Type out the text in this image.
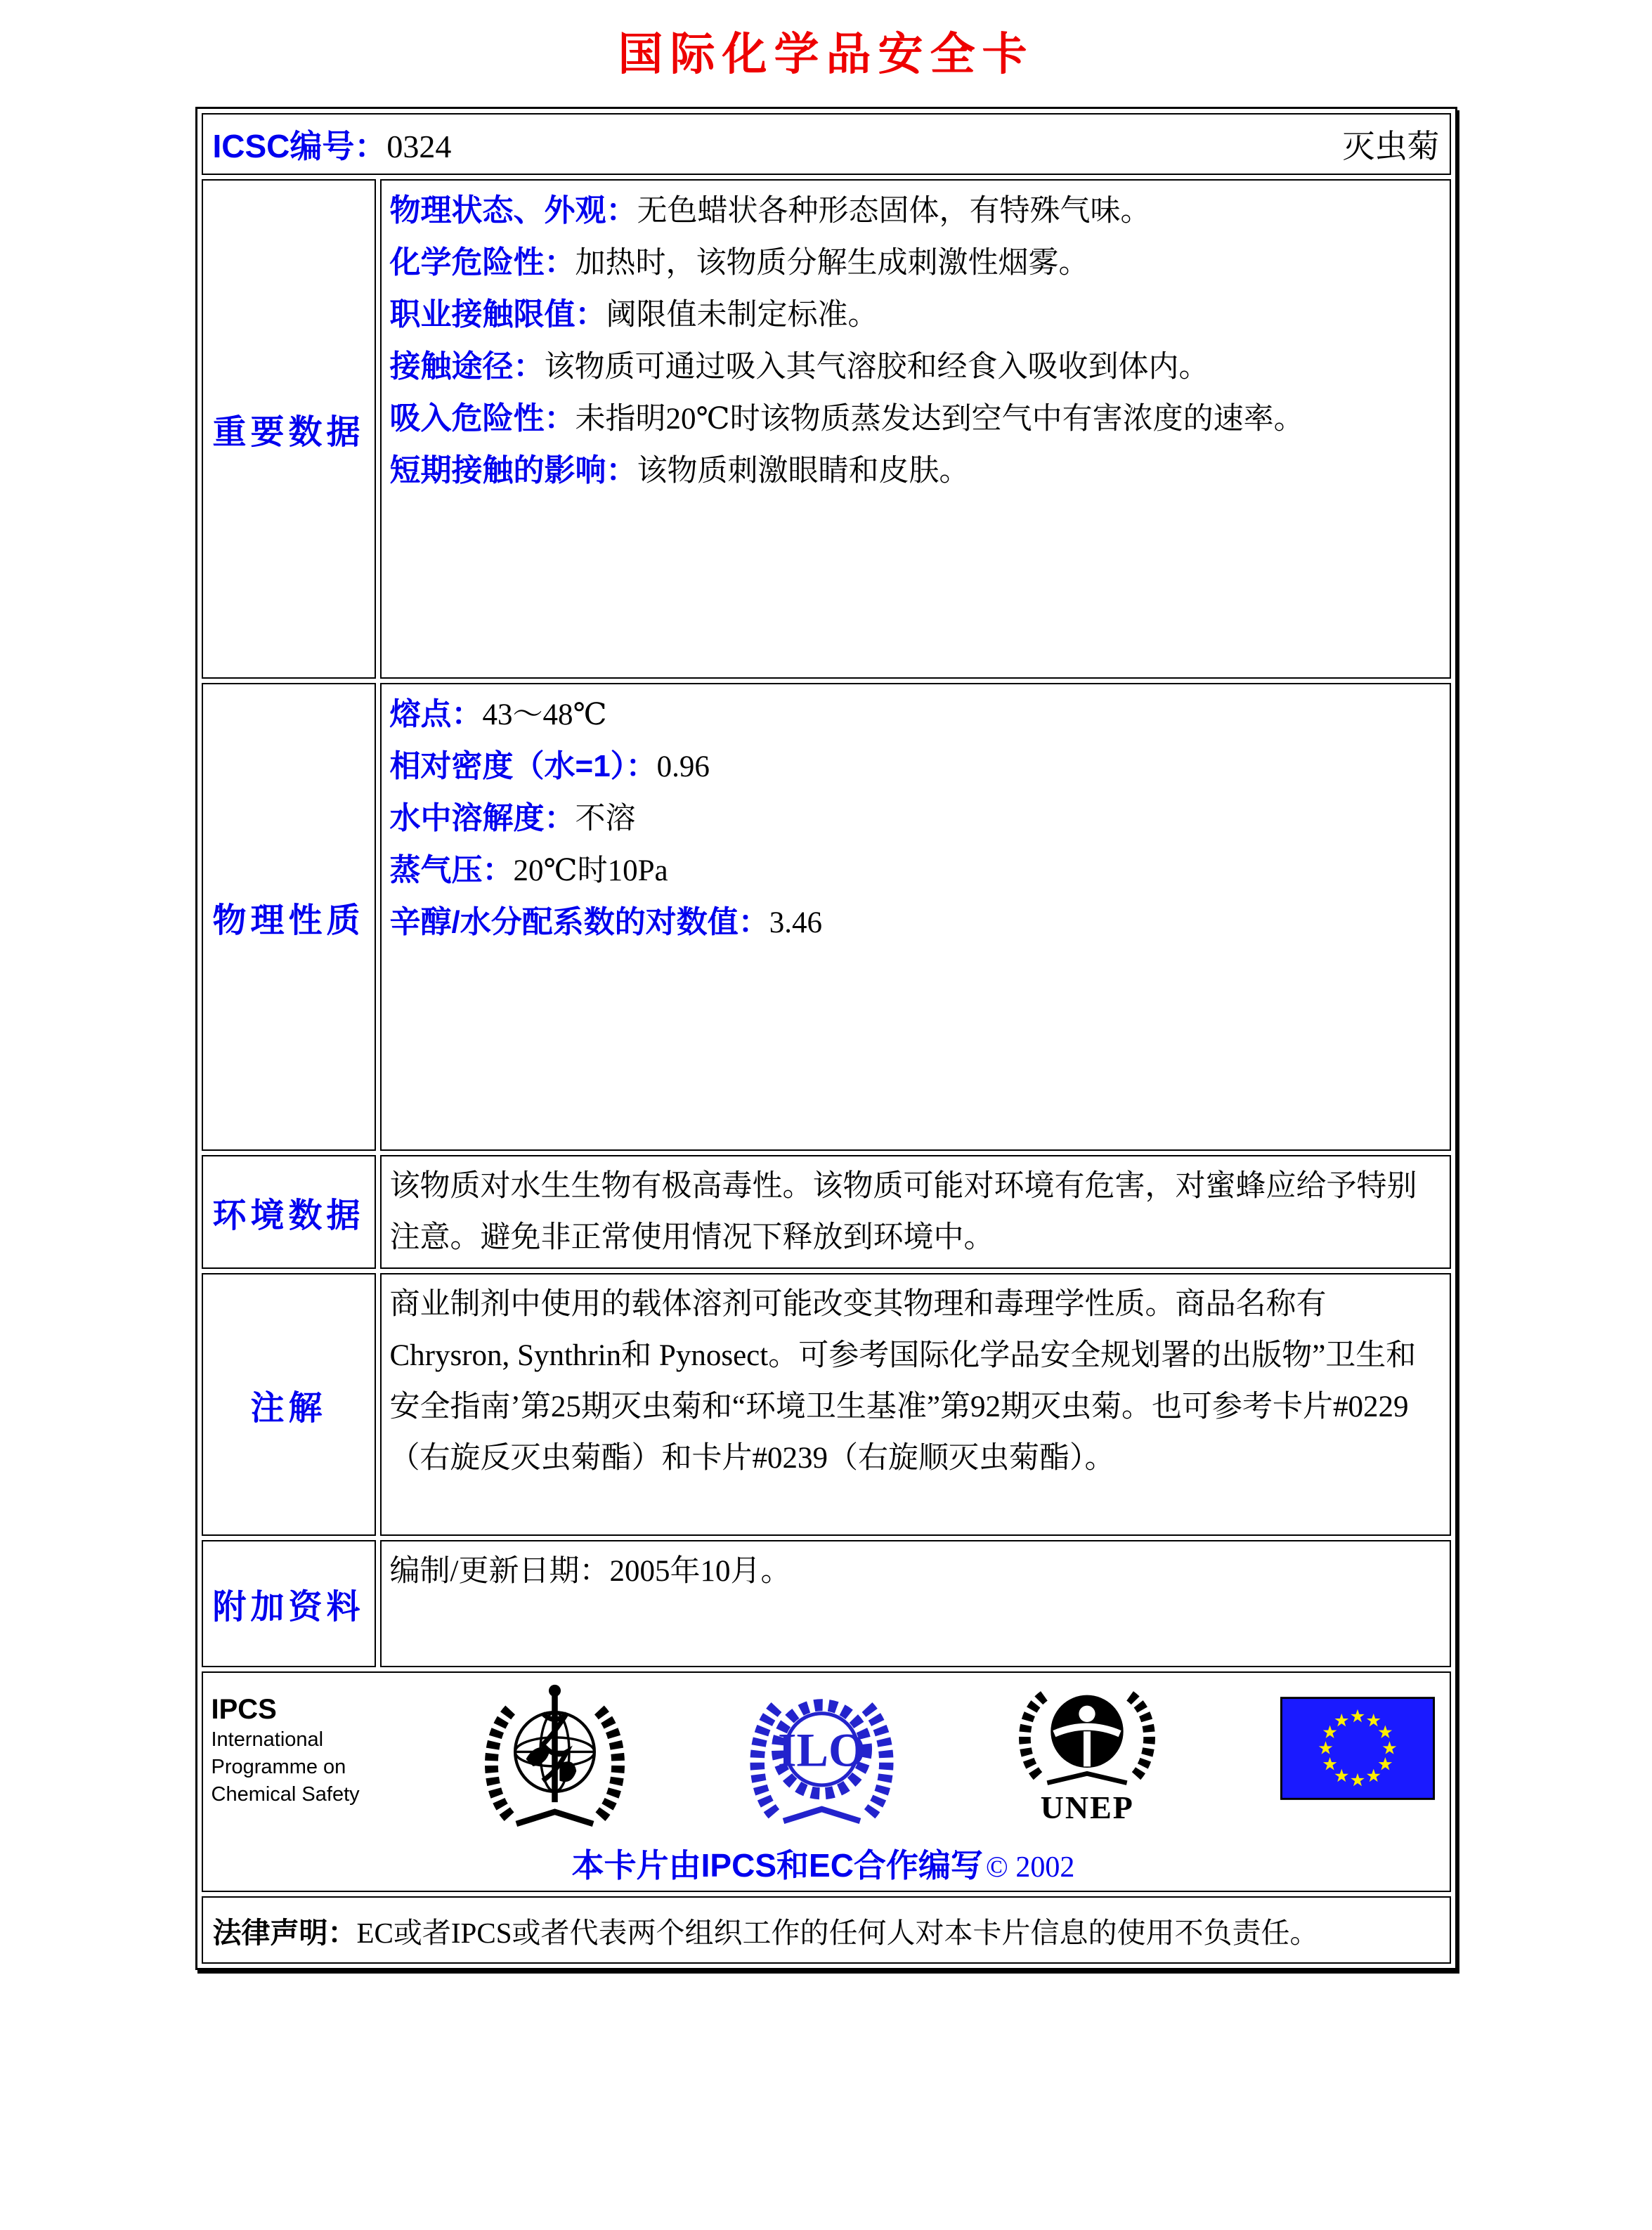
国际化学品安全卡
ICSC编号：0324 灭虫菊	

重要数据	
物理状态、外观：无色蜡状各种形态固体，有特殊气味。
化学危险性：加热时，该物质分解生成刺激性烟雾。
职业接触限值：阈限值未制定标准。
接触途径：该物质可通过吸入其气溶胶和经食入吸收到体内。
吸入危险性：未指明20℃时该物质蒸发达到空气中有害浓度的速率。
短期接触的影响：该物质刺激眼睛和皮肤。

物理性质	熔点：43～48℃
相对密度（水=1）：0.96
水中溶解度：不溶
蒸气压：20℃时10Pa
辛醇/水分配系数的对数值：3.46

环境数据	该物质对水生生物有极高毒性。该物质可能对环境有危害，对蜜蜂应给予特别注意。避免非正常使用情况下释放到环境中。

注解	商业制剂中使用的载体溶剂可能改变其物理和毒理学性质。商品名称有Chrysron, Synthrin和 Pynosect。可参考国际化学品安全规划署的出版物”卫生和安全指南’第25期灭虫菊和“环境卫生基准”第92期灭虫菊。也可参考卡片#0229（右旋反灭虫菊酯）和卡片#0239（右旋顺灭虫菊酯）。

附加资料	编制/更新日期：2005年10月。

IPCS
International
Programme on
Chemical Safety
ILO
UNEP
本卡片由IPCS和EC合作编写 © 2002

法律声明：EC或者IPCS或者代表两个组织工作的任何人对本卡片信息的使用不负责任。	
